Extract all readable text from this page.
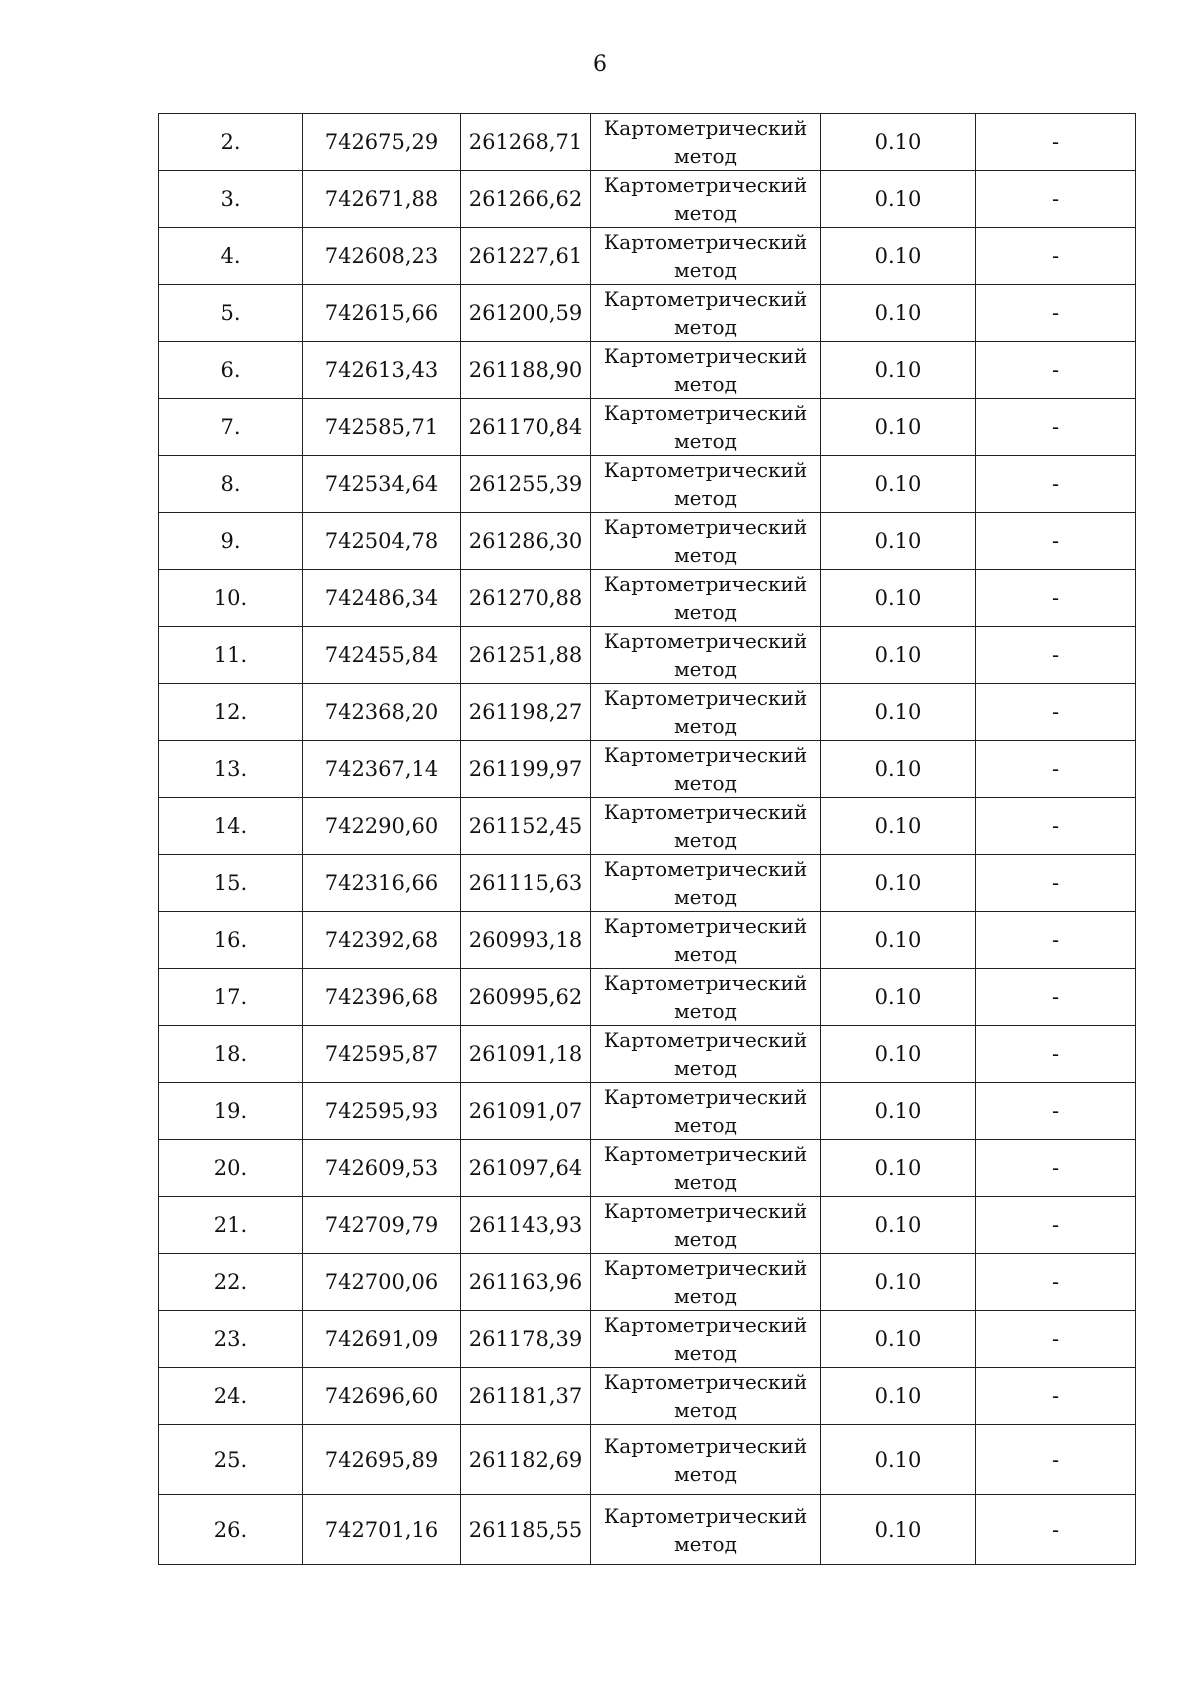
6
2.	742675,29	261268,71	Картометрический
метод	0.10	-
3.	742671,88	261266,62	Картометрический
метод	0.10	-
4.	742608,23	261227,61	Картометрический
метод	0.10	-
5.	742615,66	261200,59	Картометрический
метод	0.10	-
6.	742613,43	261188,90	Картометрический
метод	0.10	-
7.	742585,71	261170,84	Картометрический
метод	0.10	-
8.	742534,64	261255,39	Картометрический
метод	0.10	-
9.	742504,78	261286,30	Картометрический
метод	0.10	-
10.	742486,34	261270,88	Картометрический
метод	0.10	-
11.	742455,84	261251,88	Картометрический
метод	0.10	-
12.	742368,20	261198,27	Картометрический
метод	0.10	-
13.	742367,14	261199,97	Картометрический
метод	0.10	-
14.	742290,60	261152,45	Картометрический
метод	0.10	-
15.	742316,66	261115,63	Картометрический
метод	0.10	-
16.	742392,68	260993,18	Картометрический
метод	0.10	-
17.	742396,68	260995,62	Картометрический
метод	0.10	-
18.	742595,87	261091,18	Картометрический
метод	0.10	-
19.	742595,93	261091,07	Картометрический
метод	0.10	-
20.	742609,53	261097,64	Картометрический
метод	0.10	-
21.	742709,79	261143,93	Картометрический
метод	0.10	-
22.	742700,06	261163,96	Картометрический
метод	0.10	-
23.	742691,09	261178,39	Картометрический
метод	0.10	-
24.	742696,60	261181,37	Картометрический
метод	0.10	-
25.	742695,89	261182,69	Картометрический
метод	0.10	-
26.	742701,16	261185,55	Картометрический
метод	0.10	-
